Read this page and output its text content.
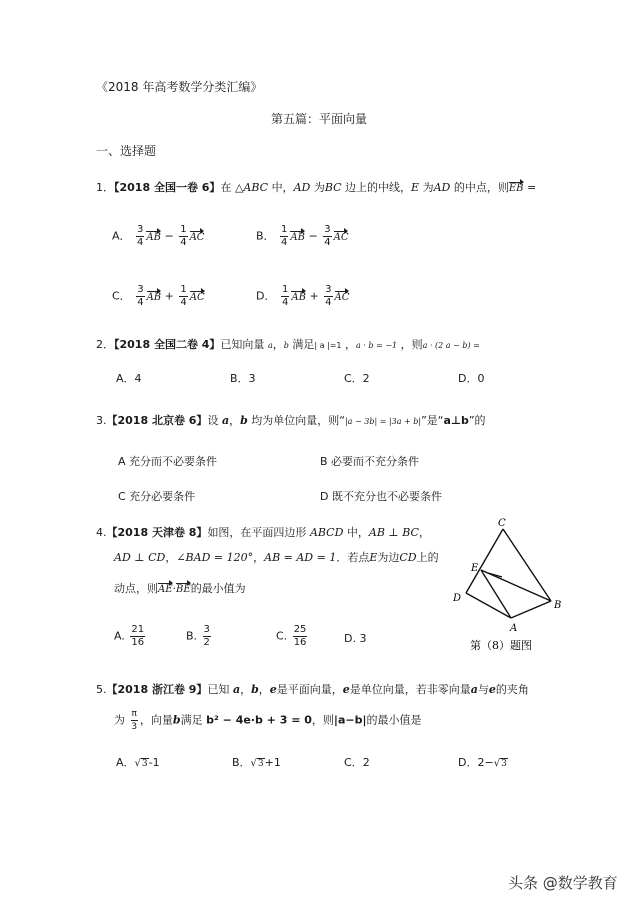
《2018 年高考数学分类汇编》
第五篇：平面向量
一、选择题
1．【2018 全国一卷 6】在 △ABC 中，AD 为BC 边上的中线，E 为AD 的中点，则EB =
A． $\frac{3}{4}$ AB − $\frac{1}{4}$ AC	B． $\frac{1}{4}$ AB − $\frac{3}{4}$ AC
C． $\frac{3}{4}$ AB + $\frac{1}{4}$ AC	D． $\frac{1}{4}$ AB + $\frac{3}{4}$ AC
2．【2018 全国二卷 4】已知向量 a，b 满足| a |=1 ，a · b = −1 ，则a · (2 a − b) =
A．4	B．3	C．2	D．0
3.【2018 北京卷 6】设 a，b 均为单位向量，则“|a − 3b| = |3a + b|”是“a⊥b”的
A 充分而不必要条件	B 必要而不充分条件
C 充分必要条件	D 既不充分也不必要条件
4.【2018 天津卷 8】如图，在平面四边形 ABCD 中，AB ⊥ BC，
AD ⊥ CD，∠BAD = 120°，AB = AD = 1．若点E为边CD上的
动点，则AE·BE的最小值为
A. $\frac{21}{16}$	B. $\frac{3}{2}$	C. $\frac{25}{16}$	D. 3
C
E
D
B
A
第（8）题图
5.【2018 浙江卷 9】已知 a，b，e是平面向量，e是单位向量，若非零向量a与e的夹角
为 $\frac{\pi}{3}$ ，向量b满足 b² − 4e·b + 3 = 0，则|a−b|的最小值是
A．√3-1	B．√3+1	C．2	D．2−√3
头条 @数学教育
